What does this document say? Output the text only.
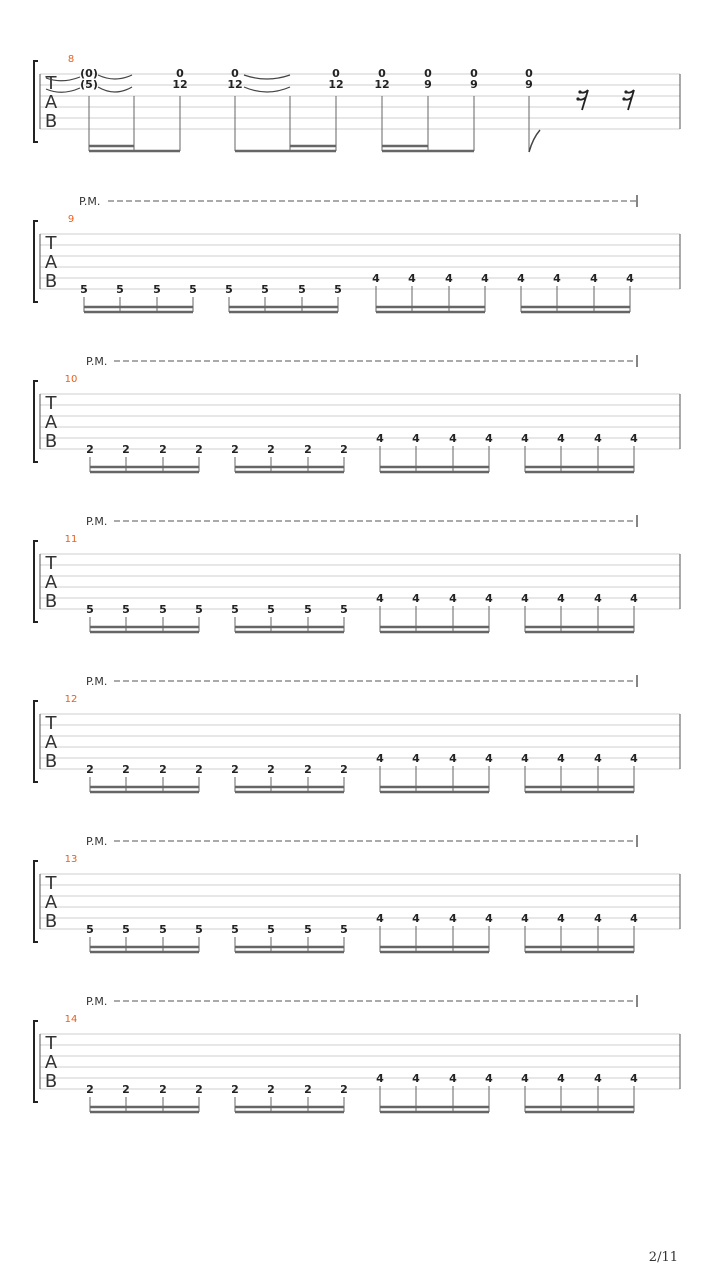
T
A
B
8
(0)
(5)
0
12
0
12
0
12
0
12
0
9
0
9
0
9
T
A
B
9
P.M.
5	5	5	5	5	5	5	5
4	4	4	4	4	4	4	4
T
A
B
10
P.M.
2	2	2	2	2	2	2	2
4	4	4	4	4	4	4	4
T
A
B
11
P.M.
5	5	5	5	5	5	5	5
4	4	4	4	4	4	4	4
T
A
B
12
P.M.
2	2	2	2	2	2	2	2
4	4	4	4	4	4	4	4
T
A
B
13
P.M.
5	5	5	5	5	5	5	5
4	4	4	4	4	4	4	4
T
A
B
14
P.M.
2	2	2	2	2	2	2	2
4	4	4	4	4	4	4	4
2/11
